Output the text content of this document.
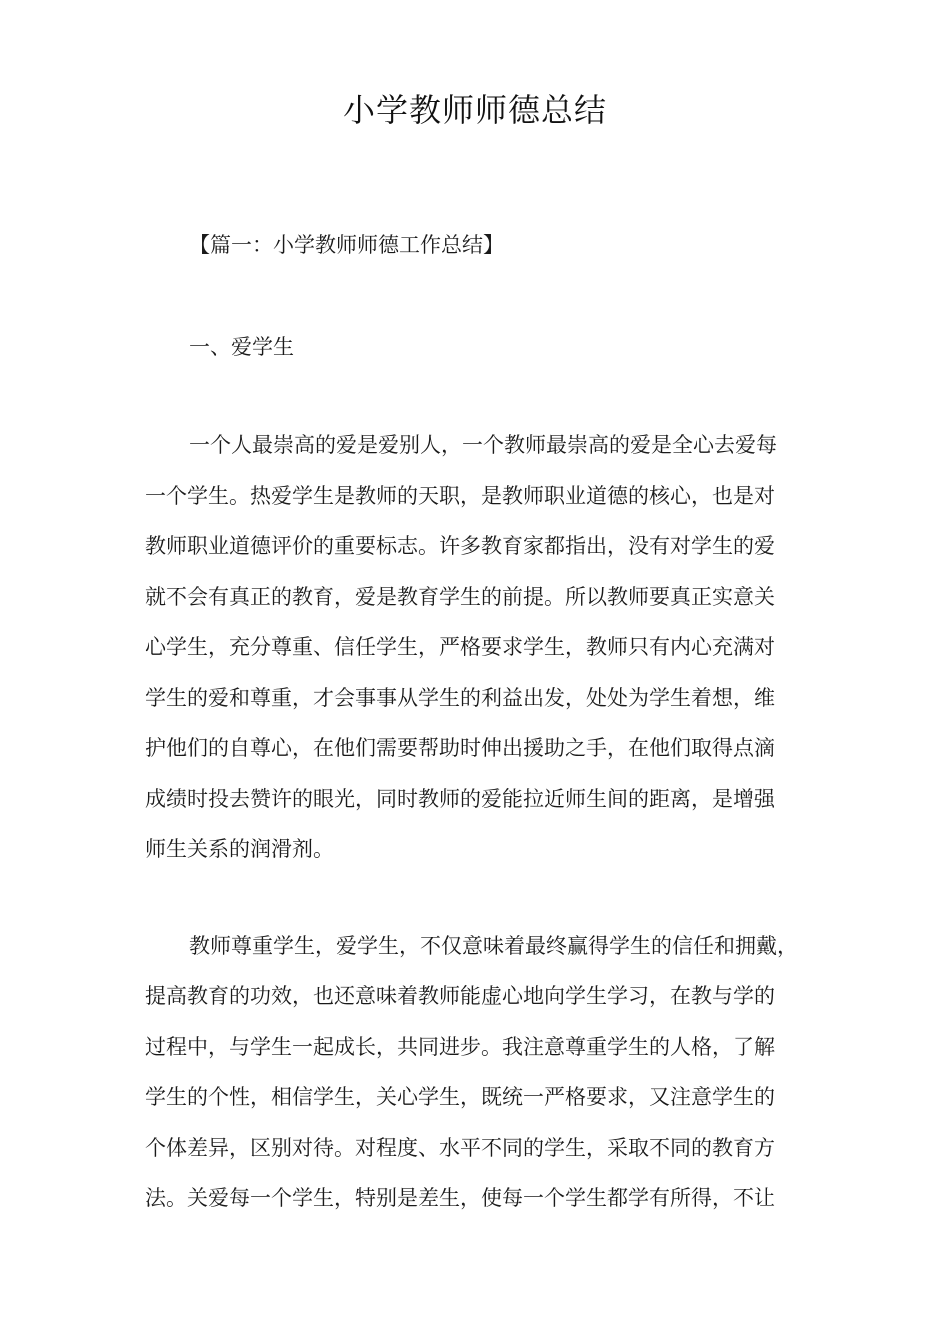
小学教师师德总结
【篇一：小学教师师德工作总结】
一、爱学生
一个人最崇高的爱是爱别人，一个教师最崇高的爱是全心去爱每
一个学生。热爱学生是教师的天职，是教师职业道德的核心，也是对
教师职业道德评价的重要标志。许多教育家都指出，没有对学生的爱
就不会有真正的教育，爱是教育学生的前提。所以教师要真正实意关
心学生，充分尊重、信任学生，严格要求学生，教师只有内心充满对
学生的爱和尊重，才会事事从学生的利益出发，处处为学生着想，维
护他们的自尊心，在他们需要帮助时伸出援助之手，在他们取得点滴
成绩时投去赞许的眼光，同时教师的爱能拉近师生间的距离，是增强
师生关系的润滑剂。
教师尊重学生，爱学生，不仅意味着最终赢得学生的信任和拥戴，
提高教育的功效，也还意味着教师能虚心地向学生学习，在教与学的
过程中，与学生一起成长，共同进步。我注意尊重学生的人格，了解
学生的个性，相信学生，关心学生，既统一严格要求，又注意学生的
个体差异，区别对待。对程度、水平不同的学生，采取不同的教育方
法。关爱每一个学生，特别是差生，使每一个学生都学有所得，不让
